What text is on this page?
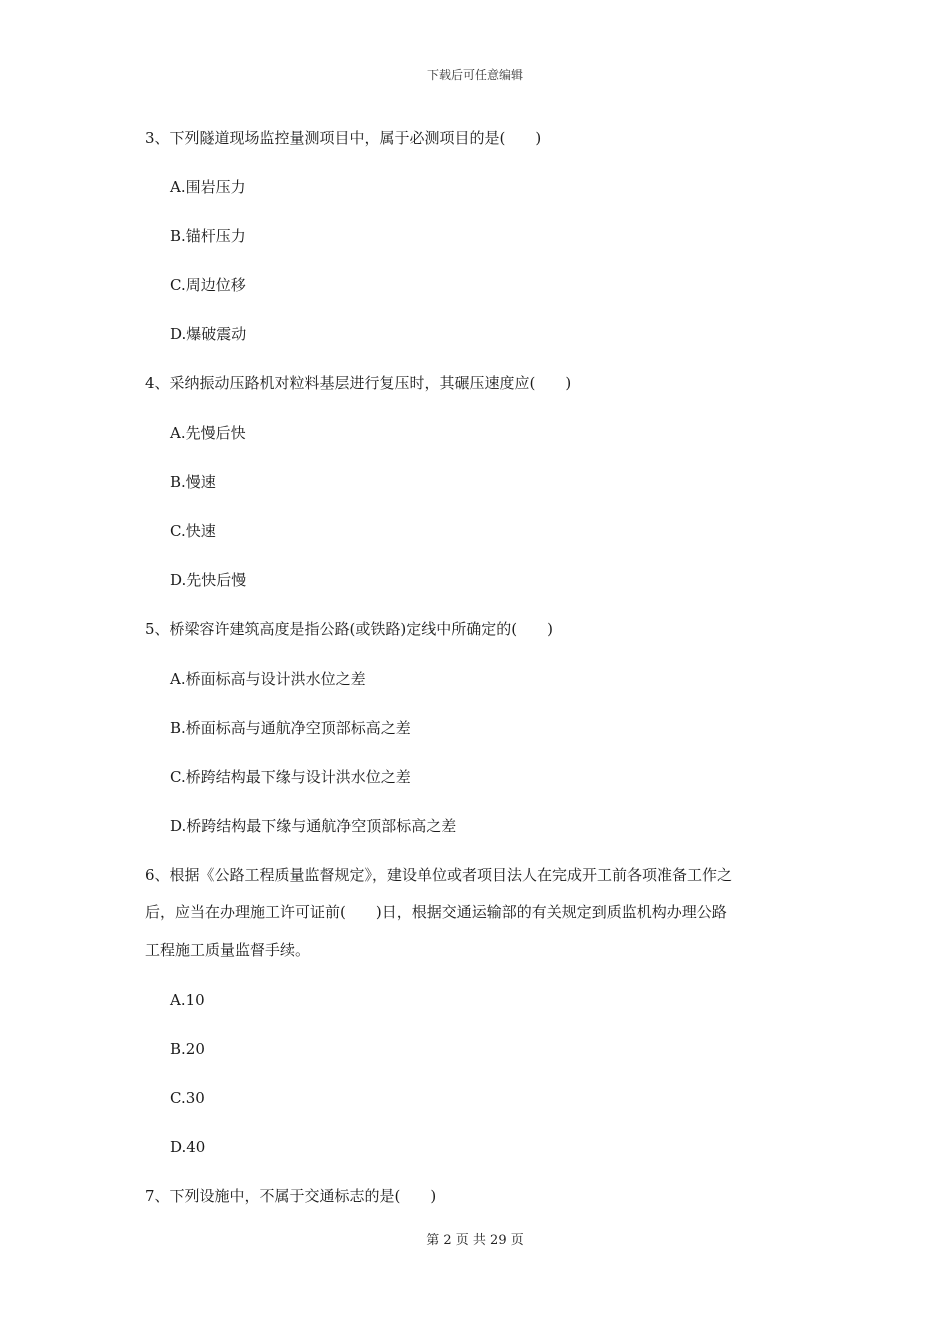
下载后可任意编辑
3、下列隧道现场监控量测项目中，属于必测项目的是(　　)
A.围岩压力
B.锚杆压力
C.周边位移
D.爆破震动
4、采纳振动压路机对粒料基层进行复压时，其碾压速度应(　　)
A.先慢后快
B.慢速
C.快速
D.先快后慢
5、桥梁容许建筑高度是指公路(或铁路)定线中所确定的(　　)
A.桥面标高与设计洪水位之差
B.桥面标高与通航净空顶部标高之差
C.桥跨结构最下缘与设计洪水位之差
D.桥跨结构最下缘与通航净空顶部标高之差
6、根据《公路工程质量监督规定》，建设单位或者项目法人在完成开工前各项准备工作之
后，应当在办理施工许可证前(　　)日，根据交通运输部的有关规定到质监机构办理公路
工程施工质量监督手续。
A.10
B.20
C.30
D.40
7、下列设施中，不属于交通标志的是(　　)
第 2 页 共 29 页
